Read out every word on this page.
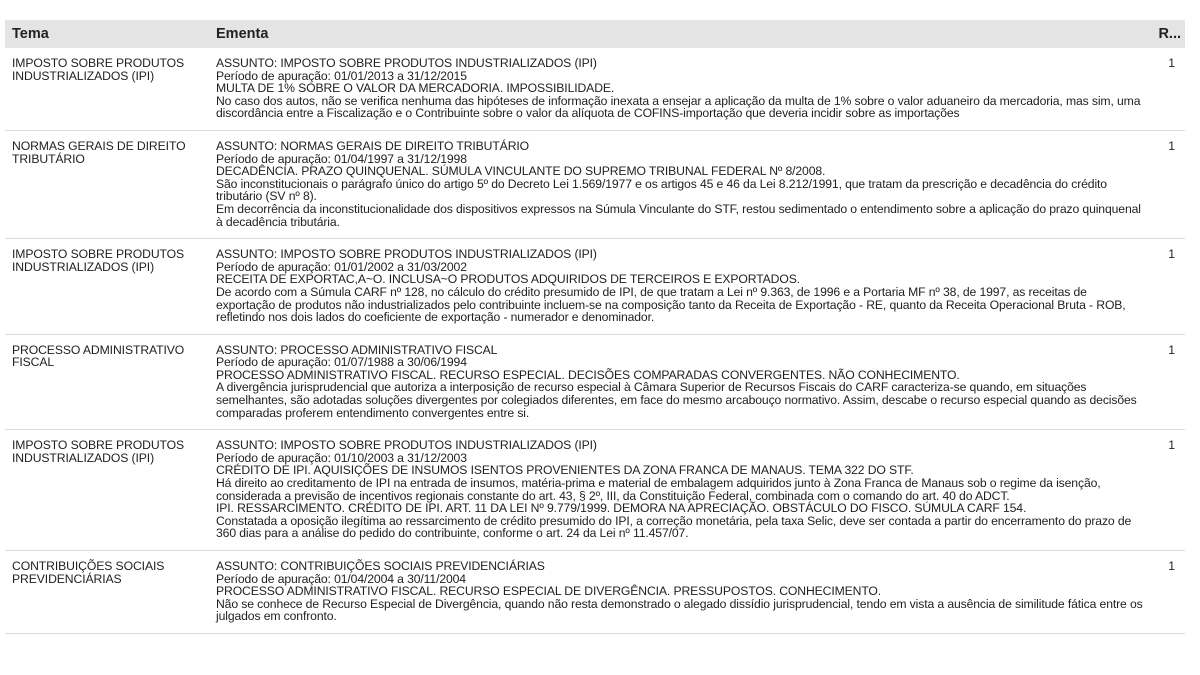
Tema	Ementa	R...
IMPOSTO SOBRE PRODUTOS INDUSTRIALIZADOS (IPI)
ASSUNTO: IMPOSTO SOBRE PRODUTOS INDUSTRIALIZADOS (IPI)
Período de apuração: 01/01/2013 a 31/12/2015
MULTA DE 1% SOBRE O VALOR DA MERCADORIA. IMPOSSIBILIDADE.
No caso dos autos, não se verifica nenhuma das hipóteses de informação inexata a ensejar a aplicação da multa de 1% sobre o valor aduaneiro da mercadoria, mas sim, uma discordância entre a Fiscalização e o Contribuinte sobre o valor da alíquota de COFINS-importação que deveria incidir sobre as importações
1
NORMAS GERAIS DE DIREITO TRIBUTÁRIO
ASSUNTO: NORMAS GERAIS DE DIREITO TRIBUTÁRIO
Período de apuração: 01/04/1997 a 31/12/1998
DECADÊNCIA. PRAZO QUINQUENAL. SÚMULA VINCULANTE DO SUPREMO TRIBUNAL FEDERAL Nº 8/2008.
São inconstitucionais o parágrafo único do artigo 5º do Decreto Lei 1.569/1977 e os artigos 45 e 46 da Lei 8.212/1991, que tratam da prescrição e decadência do crédito tributário (SV nº 8).
Em decorrência da inconstitucionalidade dos dispositivos expressos na Súmula Vinculante do STF, restou sedimentado o entendimento sobre a aplicação do prazo quinquenal à decadência tributária.
1
IMPOSTO SOBRE PRODUTOS INDUSTRIALIZADOS (IPI)
ASSUNTO: IMPOSTO SOBRE PRODUTOS INDUSTRIALIZADOS (IPI)
Período de apuração: 01/01/2002 a 31/03/2002
RECEITA DE EXPORTAC,A~O. INCLUSA~O PRODUTOS ADQUIRIDOS DE TERCEIROS E EXPORTADOS.
De acordo com a Súmula CARF nº 128, no cálculo do crédito presumido de IPI, de que tratam a Lei nº 9.363, de 1996 e a Portaria MF nº 38, de 1997, as receitas de exportação de produtos não industrializados pelo contribuinte incluem-se na composição tanto da Receita de Exportação - RE, quanto da Receita Operacional Bruta - ROB, refletindo nos dois lados do coeficiente de exportação - numerador e denominador.
1
PROCESSO ADMINISTRATIVO FISCAL
ASSUNTO: PROCESSO ADMINISTRATIVO FISCAL
Período de apuração: 01/07/1988 a 30/06/1994
PROCESSO ADMINISTRATIVO FISCAL. RECURSO ESPECIAL. DECISÕES COMPARADAS CONVERGENTES. NÃO CONHECIMENTO.
A divergência jurisprudencial que autoriza a interposição de recurso especial à Câmara Superior de Recursos Fiscais do CARF caracteriza-se quando, em situações semelhantes, são adotadas soluções divergentes por colegiados diferentes, em face do mesmo arcabouço normativo. Assim, descabe o recurso especial quando as decisões comparadas proferem entendimento convergentes entre si.
1
IMPOSTO SOBRE PRODUTOS INDUSTRIALIZADOS (IPI)
ASSUNTO: IMPOSTO SOBRE PRODUTOS INDUSTRIALIZADOS (IPI)
Período de apuração: 01/10/2003 a 31/12/2003
CRÉDITO DE IPI. AQUISIÇÕES DE INSUMOS ISENTOS PROVENIENTES DA ZONA FRANCA DE MANAUS. TEMA 322 DO STF.
Há direito ao creditamento de IPI na entrada de insumos, matéria-prima e material de embalagem adquiridos junto à Zona Franca de Manaus sob o regime da isenção, considerada a previsão de incentivos regionais constante do art. 43, § 2º, III, da Constituição Federal, combinada com o comando do art. 40 do ADCT.
IPI. RESSARCIMENTO. CRÉDITO DE IPI. ART. 11 DA LEI Nº 9.779/1999. DEMORA NA APRECIAÇÃO. OBSTÁCULO DO FISCO. SÚMULA CARF 154.
Constatada a oposição ilegítima ao ressarcimento de crédito presumido do IPI, a correção monetária, pela taxa Selic, deve ser contada a partir do encerramento do prazo de 360 dias para a análise do pedido do contribuinte, conforme o art. 24 da Lei nº 11.457/07.
1
CONTRIBUIÇÕES SOCIAIS PREVIDENCIÁRIAS
ASSUNTO: CONTRIBUIÇÕES SOCIAIS PREVIDENCIÁRIAS
Período de apuração: 01/04/2004 a 30/11/2004
PROCESSO ADMINISTRATIVO FISCAL. RECURSO ESPECIAL DE DIVERGÊNCIA. PRESSUPOSTOS. CONHECIMENTO.
Não se conhece de Recurso Especial de Divergência, quando não resta demonstrado o alegado dissídio jurisprudencial, tendo em vista a ausência de similitude fática entre os julgados em confronto.
1
